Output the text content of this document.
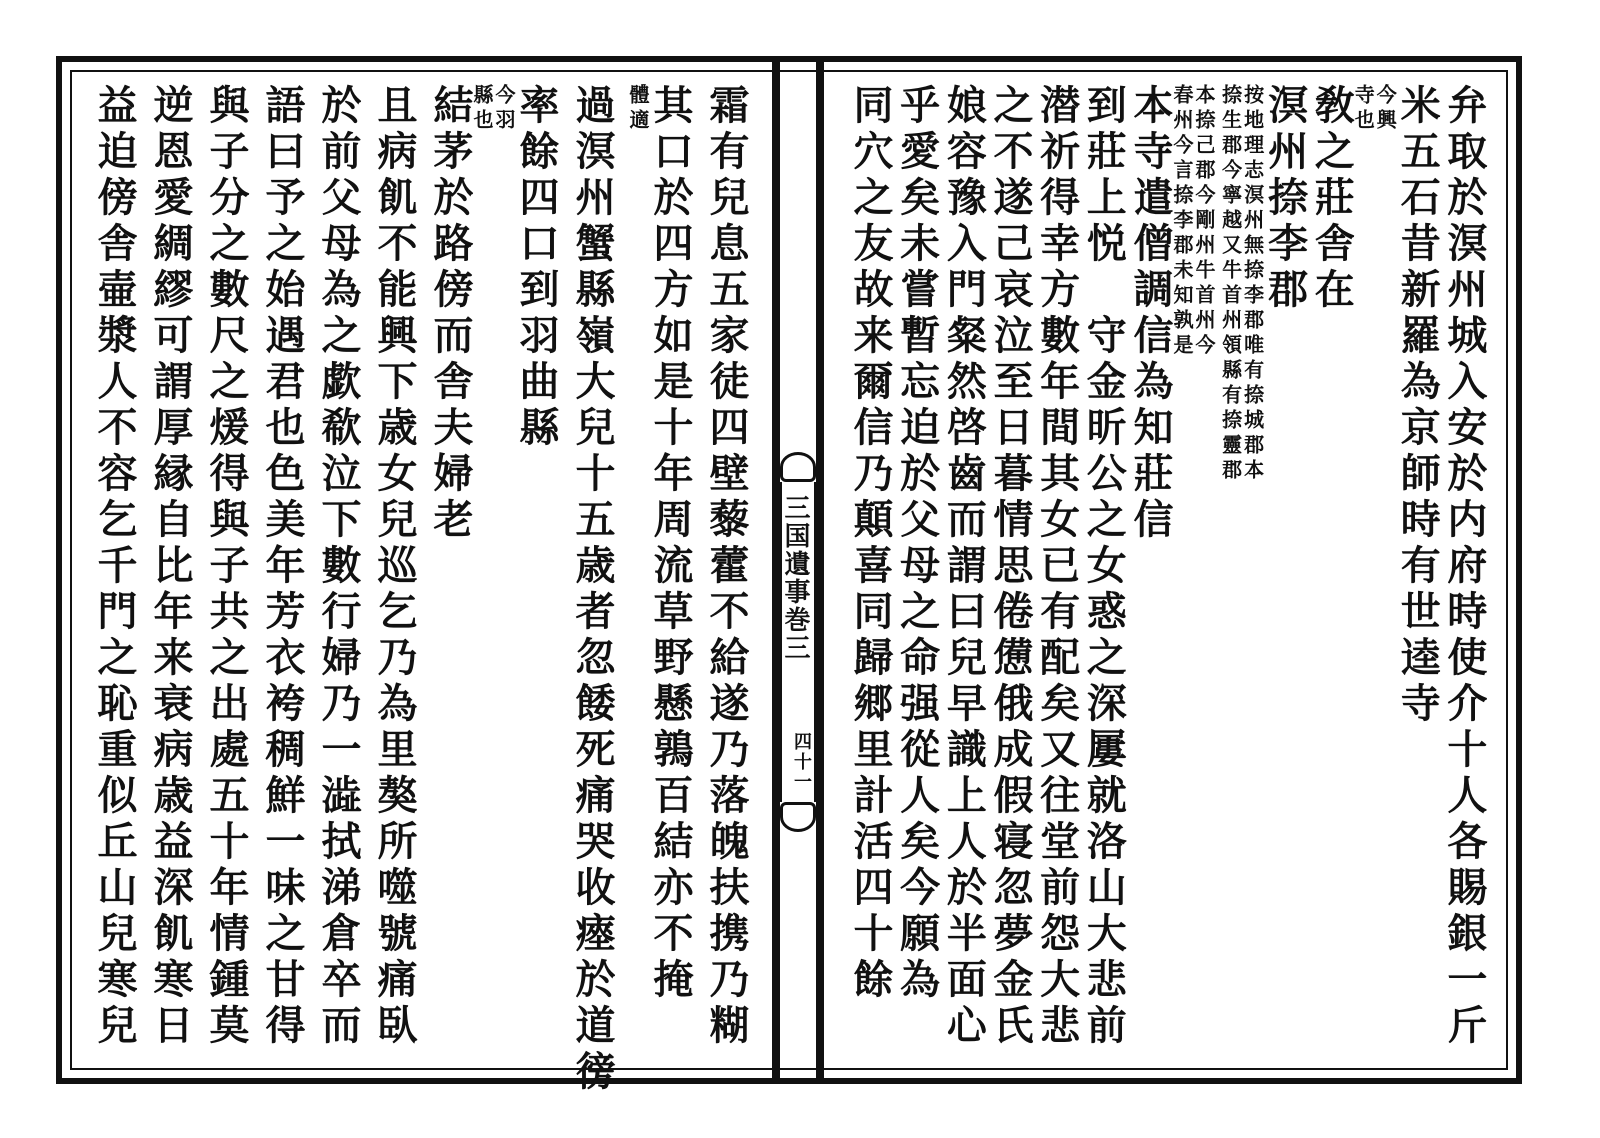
霜有兒息五家徒四壁藜藿不給遂乃落魄扶携乃糊
其口於四方如是十年周流草野懸鶉百結亦不掩
體適
過溟州蟹縣嶺大兒十五歳者忽餧死痛哭收瘞於道徬
率餘四口到羽曲縣
今羽
縣也
結茅於路傍而舎夫婦老
且病飢不能興下歳女兒巡乞乃為里獒所噬號痛臥
於前父母為之歔欷泣下數行婦乃一澁拭涕倉卒而
語曰予之始遇君也色美年芳衣袴稠鮮一味之甘得
與子分之數尺之煖得與子共之出處五十年情鍾莫
逆恩愛綢繆可謂厚縁自比年来衰病歳益深飢寒日
益迫傍舎壷漿人不容乞千門之恥重似丘山兒寒兒	三国遺事巻三
四十一	弁取於溟州城入安於内府時使介十人各賜銀一斤
米五石昔新羅為京師時有世逵寺
今興
寺也
敎之莊舎在
溟州捺李郡
按地理志溟州無捺李郡唯有捺城郡本
捺生郡今寧越又牛首州領縣有捺靈郡
本捺己郡今剛州牛首州今
春州今言捺李郡未知孰是
本寺遣僧調信為知莊信
到莊上悦　守金昕公之女惑之深屢就洛山大悲前
潜祈得幸方數年間其女已有配矣又往堂前怨大悲
之不遂己哀泣至日暮情思倦憊俄成假寝忽夢金氏
娘容豫入門粲然啓齒而謂曰兒早識上人於半面心
乎愛矣未嘗暫忘迫於父母之命强從人矣今願為
同穴之友故来爾信乃顛喜同歸郷里計活四十餘
